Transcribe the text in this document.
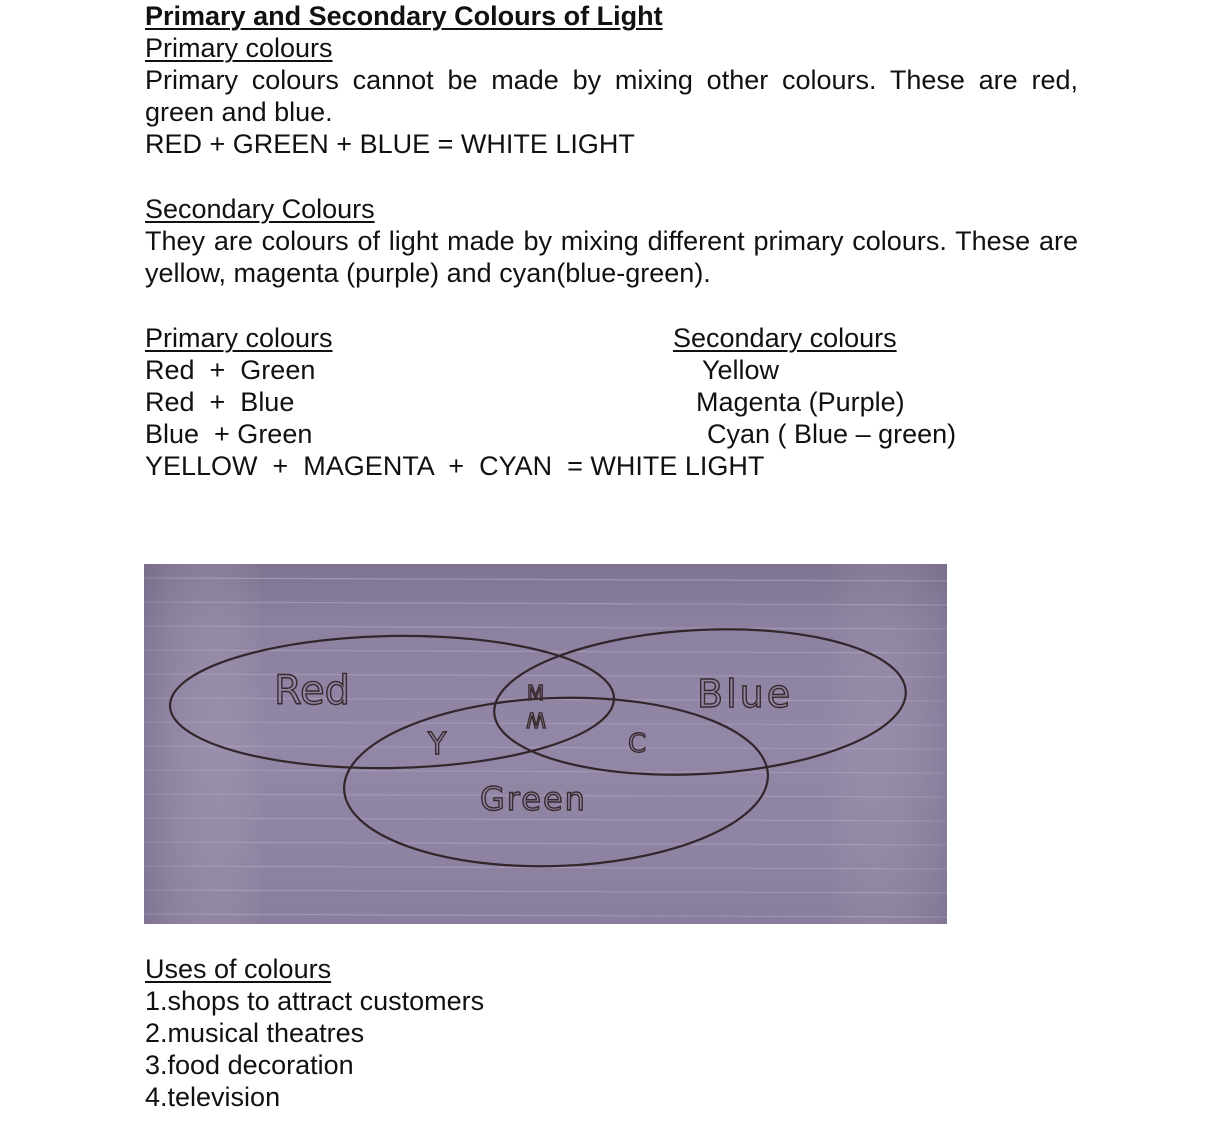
Primary and Secondary Colours of Light
Primary colours

Primary colours cannot be made by mixing other colours. These are red, green and blue.

RED + GREEN + BLUE = WHITE LIGHT
Secondary Colours

They are colours of light made by mixing different primary colours. These are yellow, magenta (purple) and cyan(blue-green).

Primary colours	Secondary colours
Red  +  Green	Yellow
Red  +  Blue	Magenta (Purple)
Blue  + Green	Cyan ( Blue – green)
YELLOW  +  MAGENTA  +  CYAN  = WHITE LIGHT
Red	Blue
Green
M
W
Y	C
Uses of colours
1.shops to attract customers
2.musical theatres
3.food decoration
4.television
